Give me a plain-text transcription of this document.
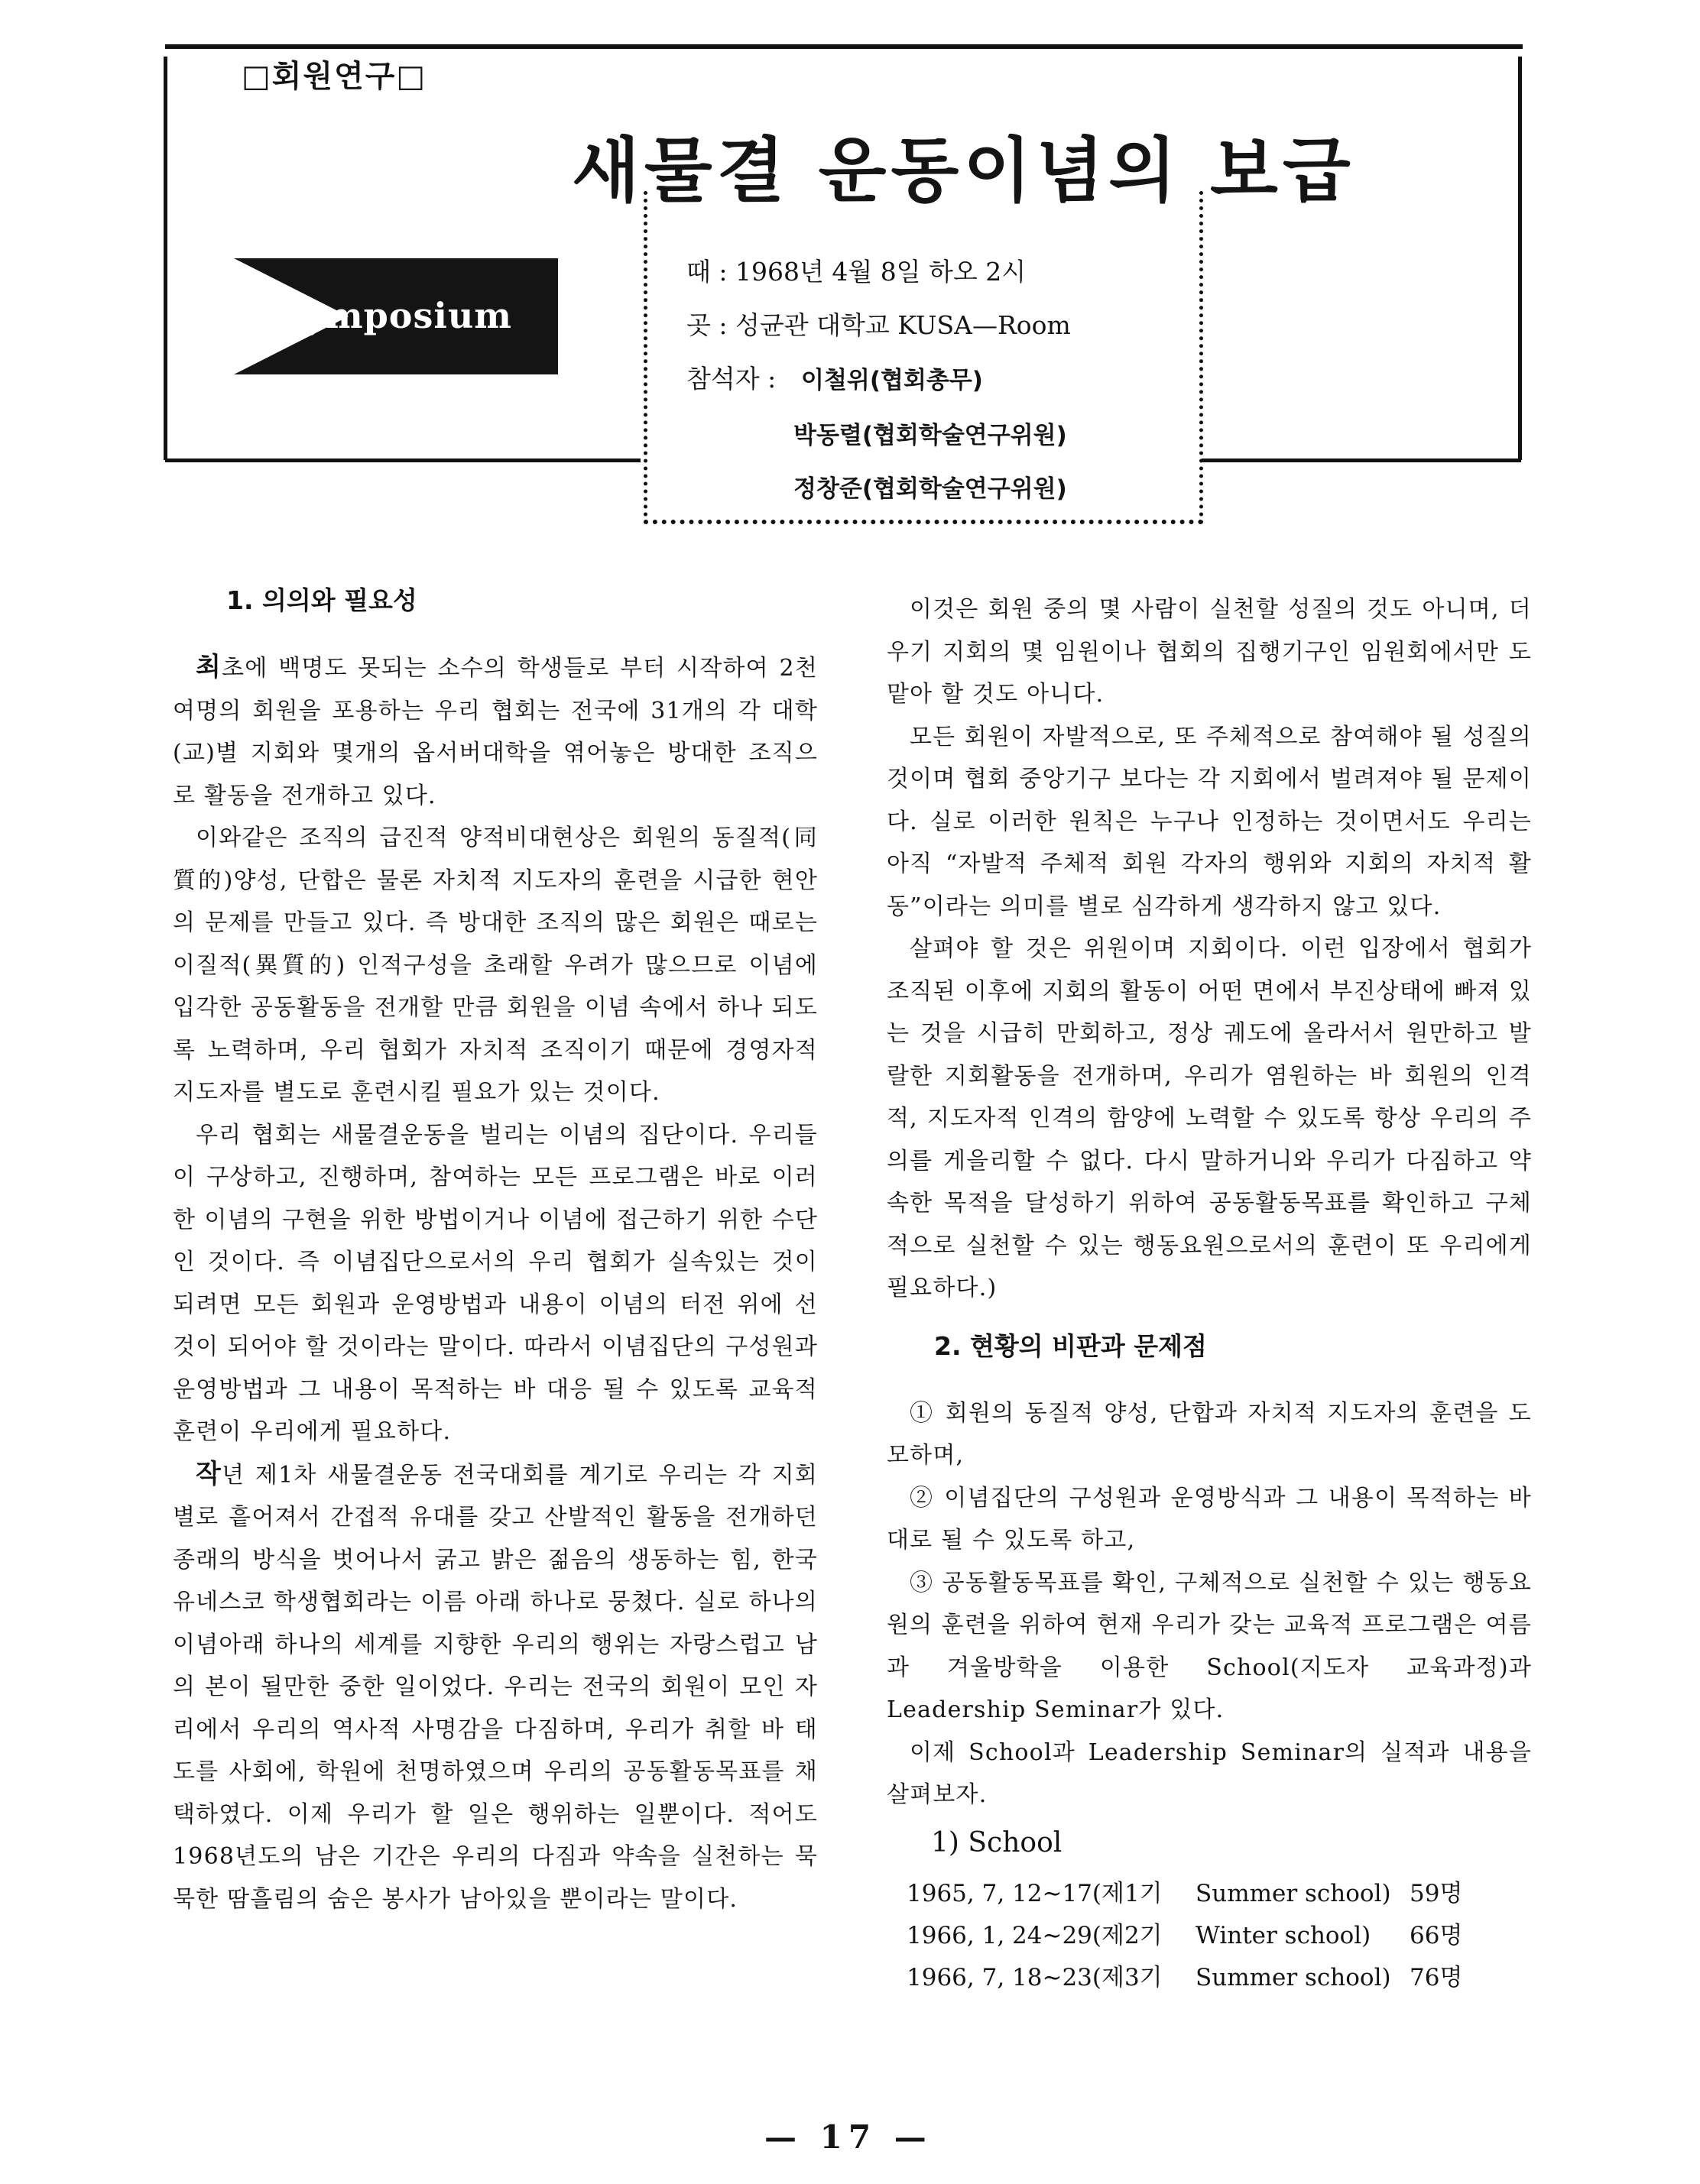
□회원연구□
새물결 운동이념의 보급
Symposium
때 : 1968년 4월 8일 하오 2시
곳 : 성균관 대학교 KUSA—Room
참석자 : 이철위(협회총무)
박동렬(협회학술연구위원)
정창준(협회학술연구위원)
1. 의의와 필요성

최초에 백명도 못되는 소수의 학생들로 부터 시작하여 2천여명의 회원을 포용하는 우리 협회는 전국에 31개의 각 대학(교)별 지회와 몇개의 옵서버대학을 엮어놓은 방대한 조직으로 활동을 전개하고 있다.

이와같은 조직의 급진적 양적비대현상은 회원의 동질적(同質的)양성, 단합은 물론 자치적 지도자의 훈련을 시급한 현안의 문제를 만들고 있다. 즉 방대한 조직의 많은 회원은 때로는 이질적(異質的) 인적구성을 초래할 우려가 많으므로 이념에 입각한 공동활동을 전개할 만큼 회원을 이념 속에서 하나 되도록 노력하며, 우리 협회가 자치적 조직이기 때문에 경영자적 지도자를 별도로 훈련시킬 필요가 있는 것이다.

우리 협회는 새물결운동을 벌리는 이념의 집단이다. 우리들이 구상하고, 진행하며, 참여하는 모든 프로그램은 바로 이러한 이념의 구현을 위한 방법이거나 이념에 접근하기 위한 수단인 것이다. 즉 이념집단으로서의 우리 협회가 실속있는 것이 되려면 모든 회원과 운영방법과 내용이 이념의 터전 위에 선 것이 되어야 할 것이라는 말이다. 따라서 이념집단의 구성원과 운영방법과 그 내용이 목적하는 바 대응 될 수 있도록 교육적 훈련이 우리에게 필요하다.

작년 제1차 새물결운동 전국대회를 계기로 우리는 각 지회별로 흩어져서 간접적 유대를 갖고 산발적인 활동을 전개하던 종래의 방식을 벗어나서 굵고 밝은 젊음의 생동하는 힘, 한국 유네스코 학생협회라는 이름 아래 하나로 뭉쳤다. 실로 하나의 이념아래 하나의 세계를 지향한 우리의 행위는 자랑스럽고 남의 본이 될만한 중한 일이었다. 우리는 전국의 회원이 모인 자리에서 우리의 역사적 사명감을 다짐하며, 우리가 취할 바 태도를 사회에, 학원에 천명하였으며 우리의 공동활동목표를 채택하였다. 이제 우리가 할 일은 행위하는 일뿐이다. 적어도 1968년도의 남은 기간은 우리의 다짐과 약속을 실천하는 묵묵한 땀흘림의 숨은 봉사가 남아있을 뿐이라는 말이다.

이것은 회원 중의 몇 사람이 실천할 성질의 것도 아니며, 더우기 지회의 몇 임원이나 협회의 집행기구인 임원회에서만 도맡아 할 것도 아니다.

모든 회원이 자발적으로, 또 주체적으로 참여해야 될 성질의 것이며 협회 중앙기구 보다는 각 지회에서 벌려져야 될 문제이다. 실로 이러한 원칙은 누구나 인정하는 것이면서도 우리는 아직 “자발적 주체적 회원 각자의 행위와 지회의 자치적 활동”이라는 의미를 별로 심각하게 생각하지 않고 있다.

살펴야 할 것은 위원이며 지회이다. 이런 입장에서 협회가 조직된 이후에 지회의 활동이 어떤 면에서 부진상태에 빠져 있는 것을 시급히 만회하고, 정상 궤도에 올라서서 원만하고 발랄한 지회활동을 전개하며, 우리가 염원하는 바 회원의 인격적, 지도자적 인격의 함양에 노력할 수 있도록 항상 우리의 주의를 게을리할 수 없다. 다시 말하거니와 우리가 다짐하고 약속한 목적을 달성하기 위하여 공동활동목표를 확인하고 구체적으로 실천할 수 있는 행동요원으로서의 훈련이 또 우리에게 필요하다.)

2. 현황의 비판과 문제점

① 회원의 동질적 양성, 단합과 자치적 지도자의 훈련을 도모하며,

② 이념집단의 구성원과 운영방식과 그 내용이 목적하는 바 대로 될 수 있도록 하고,

③ 공동활동목표를 확인, 구체적으로 실천할 수 있는 행동요원의 훈련을 위하여 현재 우리가 갖는 교육적 프로그램은 여름과 겨울방학을 이용한 School(지도자 교육과정)과 Leadership Seminar가 있다.

이제 School과 Leadership Seminar의 실적과 내용을 살펴보자.

1) School
1965, 7, 12∼17(제1기	Summer school) 59명
1966, 1, 24∼29(제2기	Winter school)	66명
1966, 7, 18∼23(제3기	Summer school) 76명
— 17 —
